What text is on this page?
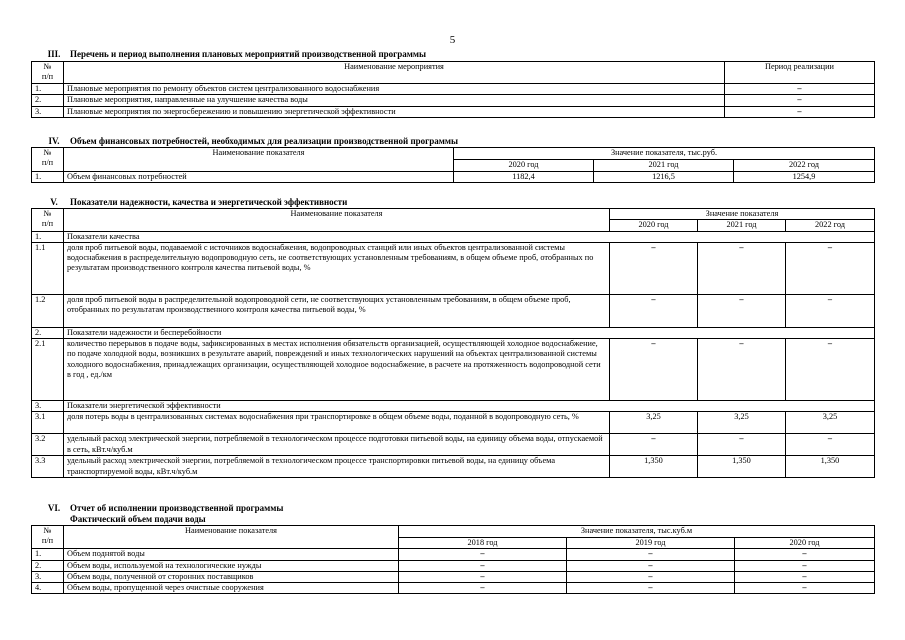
5
III. Перечень и период выполнения плановых мероприятий производственной программы
№
п/п	Наименование мероприятия	Период реализации
1.	Плановые мероприятия по ремонту объектов систем централизованного водоснабжения	–
2.	Плановые мероприятия, направленные на улучшение качества воды	–
3.	Плановые мероприятия по энергосбережению и повышению энергетической эффективности	–
IV. Объем финансовых потребностей, необходимых для реализации производственной программы
№
п/п	Наименование показателя	Значение показателя, тыс.руб.		
		2020 год	2021 год	2022 год
1.	Объем финансовых потребностей	1182,4	1216,5	1254,9
V. Показатели надежности, качества и энергетической эффективности
№
п/п	Наименование показателя	Значение показателя		
		2020 год	2021 год	2022 год
1.	Показатели качества			
1.1	доля проб питьевой воды, подаваемой с источников водоснабжения, водопроводных станций или иных объектов централизованной системы водоснабжения в распределительную водопроводную сеть, не соответствующих установленным требованиям, в общем объеме проб, отобранных по результатам производственного контроля качества питьевой воды, %	–	–	–
1.2	доля проб питьевой воды в распределительной водопроводной сети, не соответствующих установленным требованиям, в общем объеме проб, отобранных по результатам производственного контроля качества питьевой воды, %	–	–	–
2.	Показатели надежности и бесперебойности			
2.1	количество перерывов в подаче воды, зафиксированных в местах исполнения обязательств организацией, осуществляющей холодное водоснабжение, по подаче холодной воды, возникших в результате аварий, повреждений и иных технологических нарушений на объектах централизованной системы холодного водоснабжения, принадлежащих организации, осуществляющей холодное водоснабжение, в расчете на протяженность водопроводной сети в год , ед./км	–	–	–
3.	Показатели энергетической эффективности			
3.1	доля потерь воды в централизованных системах водоснабжения при транспортировке в общем объеме воды, поданной в водопроводную сеть, %	3,25	3,25	3,25
3.2	удельный расход электрической энергии, потребляемой в технологическом процессе подготовки питьевой воды, на единицу объема воды, отпускаемой в сеть, кВт.ч/куб.м	–	–	–
3.3	удельный расход электрической энергии, потребляемой в технологическом процессе транспортировки питьевой воды, на единицу объема транспортируемой воды, кВт.ч/куб.м	1,350	1,350	1,350
VI. Отчет об исполнении производственной программы
Фактический объем подачи воды
№
п/п	Наименование показателя	Значение показателя, тыс.куб.м		
		2018 год	2019 год	2020 год
1.	Объем поднятой воды	–	–	–
2.	Объем воды, используемой на технологические нужды	–	–	–
3.	Объем воды, полученной от сторонних поставщиков	–	–	–
4.	Объем воды, пропущенной через очистные сооружения	–	–	–
